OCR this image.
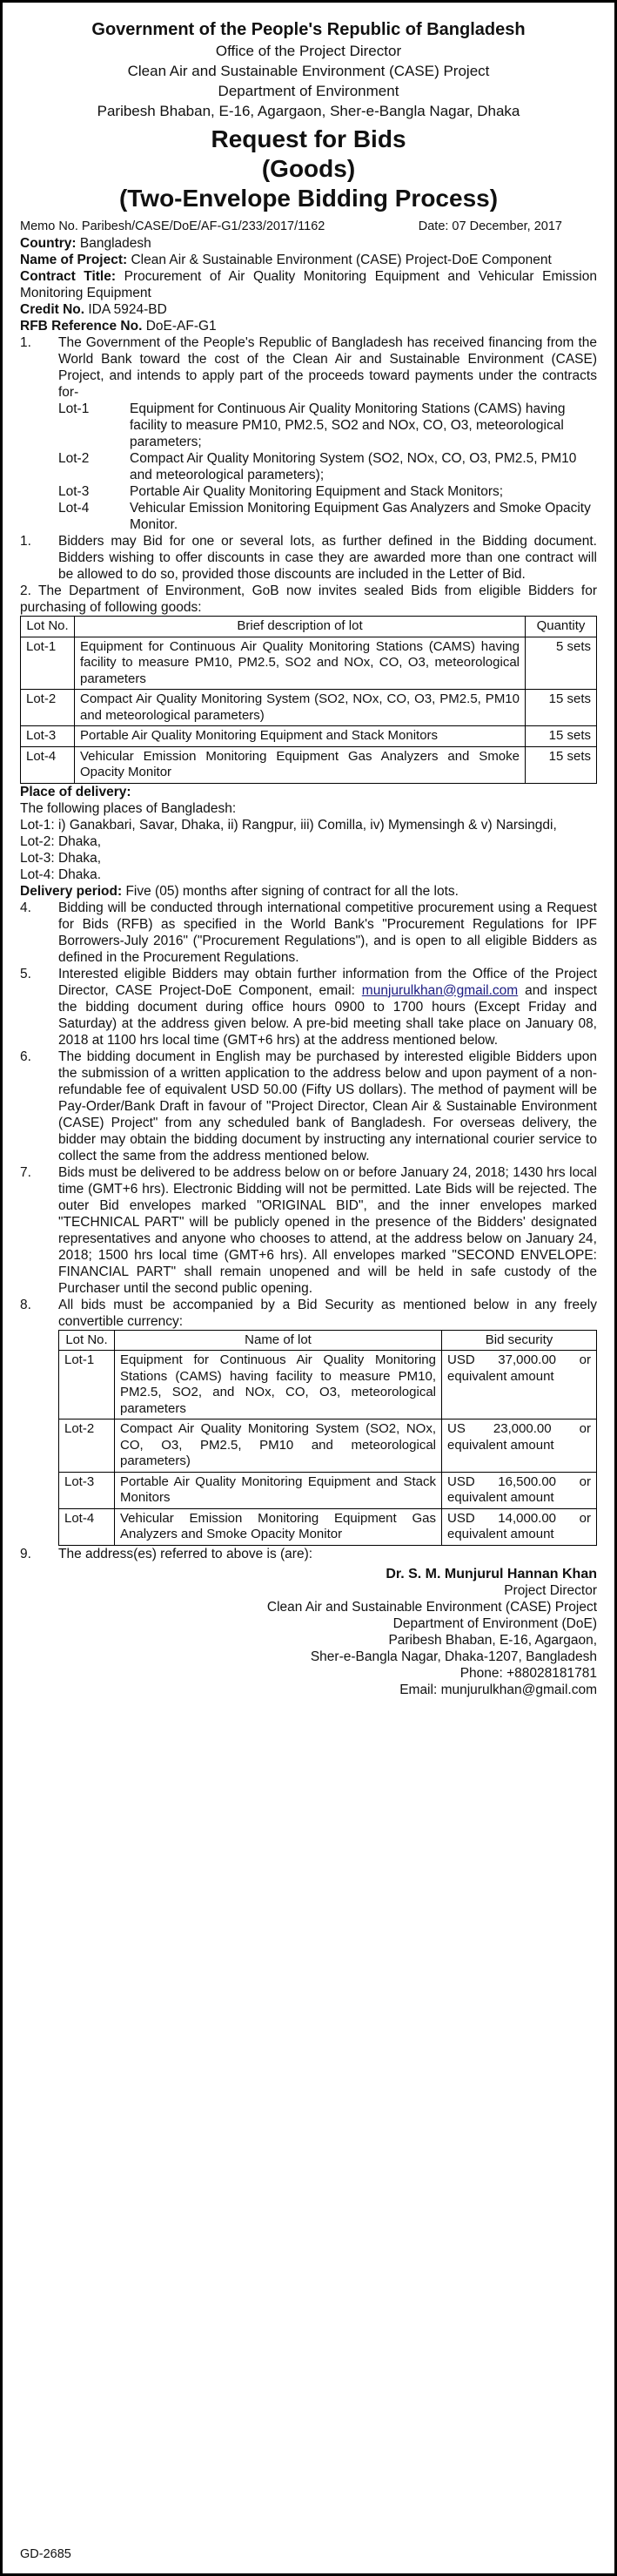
Government of the People's Republic of Bangladesh
Office of the Project Director
Clean Air and Sustainable Environment (CASE) Project
Department of Environment
Paribesh Bhaban, E-16, Agargaon, Sher-e-Bangla Nagar, Dhaka
Request for Bids
(Goods)
(Two-Envelope Bidding Process)
Memo No. Paribesh/CASE/DoE/AF-G1/233/2017/1162	Date: 07 December, 2017

Country: Bangladesh

Name of Project: Clean Air & Sustainable Environment (CASE) Project-DoE Component

Contract Title: Procurement of Air Quality Monitoring Equipment and Vehicular Emission Monitoring Equipment

Credit No. IDA 5924-BD

RFB Reference No. DoE-AF-G1

1.	The Government of the People's Republic of Bangladesh has received financing from the World Bank toward the cost of the Clean Air and Sustainable Environment (CASE) Project, and intends to apply part of the proceeds toward payments under the contracts for-
Lot-1	Equipment for Continuous Air Quality Monitoring Stations (CAMS) having facility to measure PM10, PM2.5, SO2 and NOx, CO, O3, meteorological parameters;
Lot-2	Compact Air Quality Monitoring System (SO2, NOx, CO, O3, PM2.5, PM10 and meteorological parameters);
Lot-3	Portable Air Quality Monitoring Equipment and Stack Monitors;
Lot-4	Vehicular Emission Monitoring Equipment Gas Analyzers and Smoke Opacity Monitor.
1.	Bidders may Bid for one or several lots, as further defined in the Bidding document. Bidders wishing to offer discounts in case they are awarded more than one contract will be allowed to do so, provided those discounts are included in the Letter of Bid.

2. The Department of Environment, GoB now invites sealed Bids from eligible Bidders for purchasing of following goods:

Lot No.	Brief description of lot	Quantity
Lot-1	Equipment for Continuous Air Quality Monitoring Stations (CAMS) having facility to measure PM10, PM2.5, SO2 and NOx, CO, O3, meteorological parameters	5 sets
Lot-2	Compact Air Quality Monitoring System (SO2, NOx, CO, O3, PM2.5, PM10 and meteorological parameters)	15 sets
Lot-3	Portable Air Quality Monitoring Equipment and Stack Monitors	15 sets
Lot-4	Vehicular Emission Monitoring Equipment Gas Analyzers and Smoke Opacity Monitor	15 sets

Place of delivery:

The following places of Bangladesh:

Lot-1: i) Ganakbari, Savar, Dhaka, ii) Rangpur, iii) Comilla, iv) Mymensingh & v) Narsingdi,

Lot-2: Dhaka,

Lot-3: Dhaka,

Lot-4: Dhaka.

Delivery period: Five (05) months after signing of contract for all the lots.

4.	Bidding will be conducted through international competitive procurement using a Request for Bids (RFB) as specified in the World Bank's "Procurement Regulations for IPF Borrowers-July 2016" ("Procurement Regulations"), and is open to all eligible Bidders as defined in the Procurement Regulations.
5.	Interested eligible Bidders may obtain further information from the Office of the Project Director, CASE Project-DoE Component, email: munjurulkhan@gmail.com and inspect the bidding document during office hours 0900 to 1700 hours (Except Friday and Saturday) at the address given below. A pre-bid meeting shall take place on January 08, 2018 at 1100 hrs local time (GMT+6 hrs) at the address mentioned below.
6.	The bidding document in English may be purchased by interested eligible Bidders upon the submission of a written application to the address below and upon payment of a non-refundable fee of equivalent USD 50.00 (Fifty US dollars). The method of payment will be Pay-Order/Bank Draft in favour of "Project Director, Clean Air & Sustainable Environment (CASE) Project" from any scheduled bank of Bangladesh. For overseas delivery, the bidder may obtain the bidding document by instructing any international courier service to collect the same from the address mentioned below.
7.	Bids must be delivered to be address below on or before January 24, 2018; 1430 hrs local time (GMT+6 hrs). Electronic Bidding will not be permitted. Late Bids will be rejected. The outer Bid envelopes marked "ORIGINAL BID", and the inner envelopes marked "TECHNICAL PART" will be publicly opened in the presence of the Bidders' designated representatives and anyone who chooses to attend, at the address below on January 24, 2018; 1500 hrs local time (GMT+6 hrs). All envelopes marked "SECOND ENVELOPE: FINANCIAL PART" shall remain unopened and will be held in safe custody of the Purchaser until the second public opening.
8.	All bids must be accompanied by a Bid Security as mentioned below in any freely convertible currency:
Lot No.	Name of lot	Bid security
Lot-1	Equipment for Continuous Air Quality Monitoring Stations (CAMS) having facility to measure PM10, PM2.5, SO2, and NOx, CO, O3, meteorological parameters	USD 37,000.00 or equivalent amount
Lot-2	Compact Air Quality Monitoring System (SO2, NOx, CO, O3, PM2.5, PM10 and meteorological parameters)	US 23,000.00 or equivalent amount
Lot-3	Portable Air Quality Monitoring Equipment and Stack Monitors	USD 16,500.00 or equivalent amount
Lot-4	Vehicular Emission Monitoring Equipment Gas Analyzers and Smoke Opacity Monitor	USD 14,000.00 or equivalent amount
9.	The address(es) referred to above is (are):
Dr. S. M. Munjurul Hannan Khan
Project Director
Clean Air and Sustainable Environment (CASE) Project
Department of Environment (DoE)
Paribesh Bhaban, E-16, Agargaon,
Sher-e-Bangla Nagar, Dhaka-1207, Bangladesh
Phone: +88028181781
Email: munjurulkhan@gmail.com
GD-2685
